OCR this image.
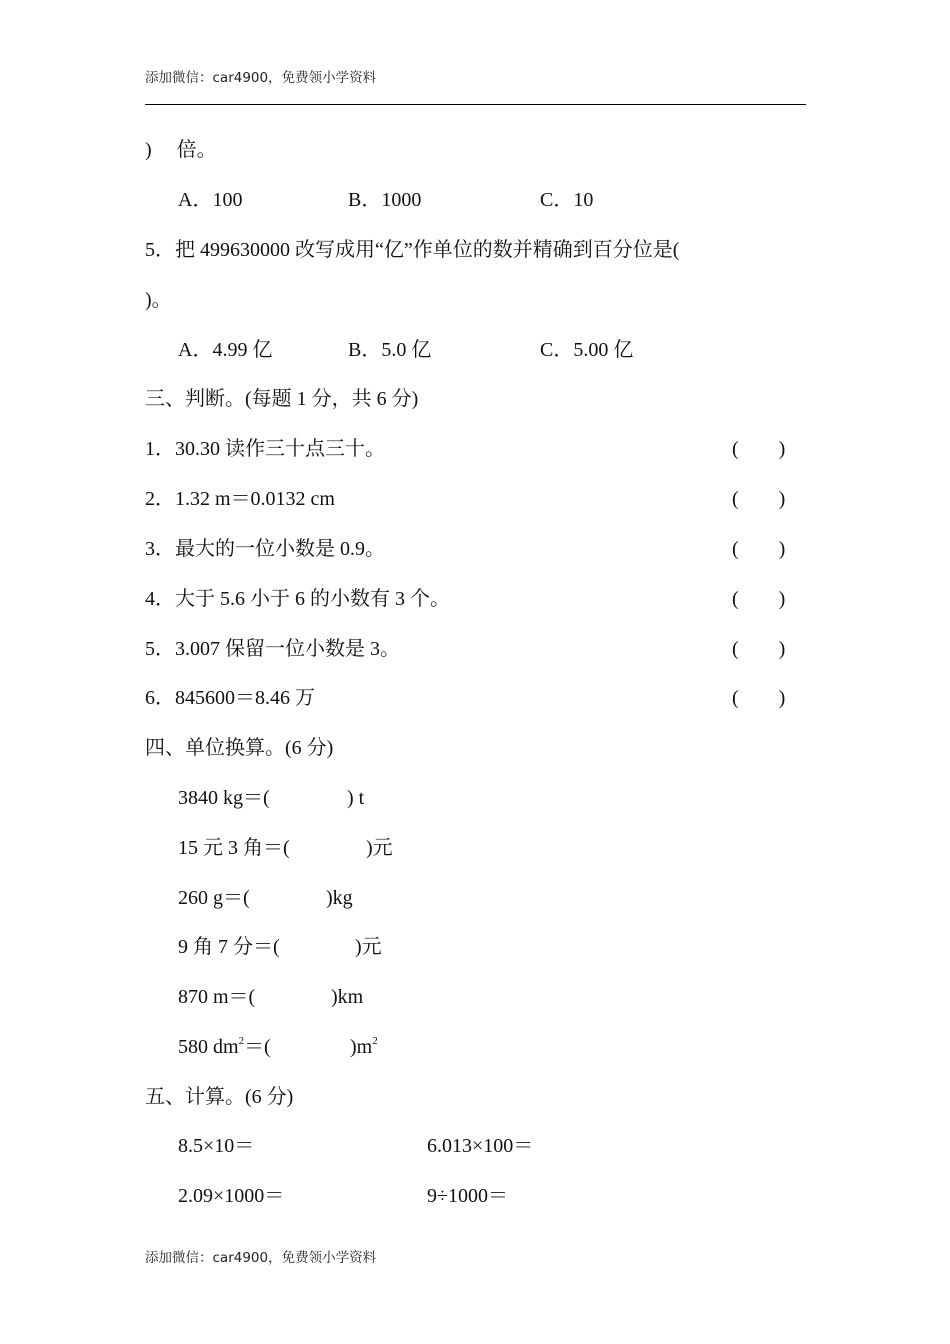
添加微信：car4900，免费领小学资料
)　 倍。
A．100	B．1000	C．10
5．把 499630000 改写成用“亿”作单位的数并精确到百分位是(
)。
A．4.99 亿	B．5.0 亿	C．5.00 亿
三、判断。(每题 1 分，共 6 分)
1．30.30 读作三十点三十。	(　　)
2．1.32 m＝0.0132 cm	(　　)
3．最大的一位小数是 0.9。	(　　)
4．大于 5.6 小于 6 的小数有 3 个。	(　　)
5．3.007 保留一位小数是 3。	(　　)
6．845600＝8.46 万	(　　)
四、单位换算。(6 分)
3840 kg＝(	) t
15 元 3 角＝(	)元
260 g＝(	)kg
9 角 7 分＝(	)元
870 m＝(	)km
580 $dm^2=$(	)$m^2$
五、计算。(6 分)
8.5×10＝	6.013×100＝
2.09×1000＝	9÷1000＝
添加微信：car4900，免费领小学资料
